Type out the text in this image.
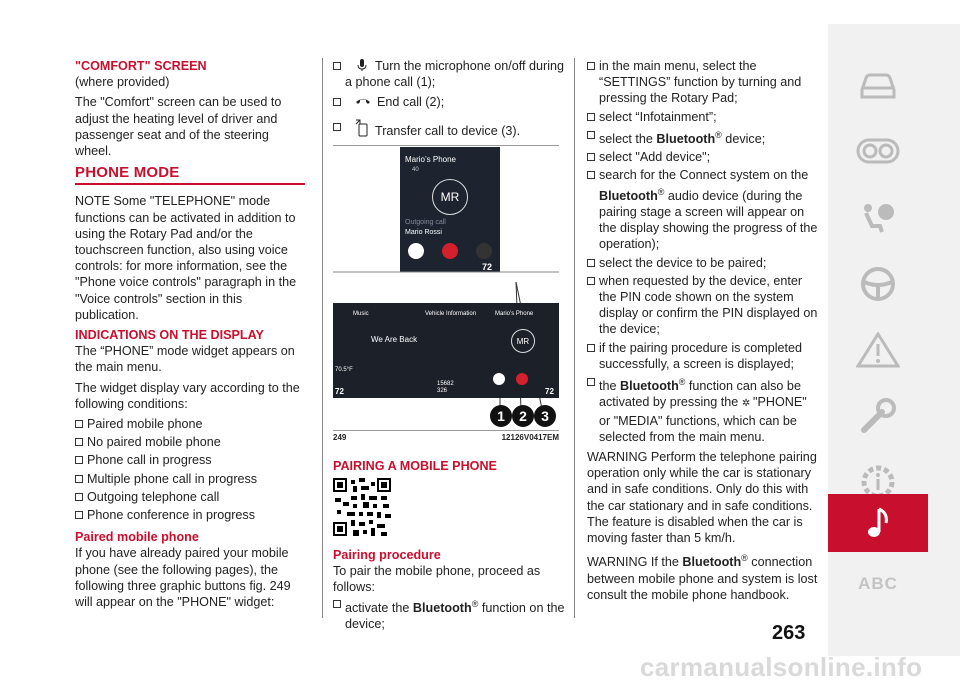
"COMFORT" SCREEN

(where provided)

The "Comfort" screen can be used to adjust the heating level of driver and passenger seat and of the steering wheel.

PHONE MODE

NOTE Some "TELEPHONE" mode functions can be activated in addition to using the Rotary Pad and/or the touchscreen function, also using voice controls: for more information, see the "Phone voice controls" paragraph in the "Voice controls" section in this publication.

INDICATIONS ON THE DISPLAY

The “PHONE” mode widget appears on the main menu.

The widget display vary according to the following conditions:

Paired mobile phone
No paired mobile phone
Phone call in progress
Multiple phone call in progress
Outgoing telephone call
Phone conference in progress
Paired mobile phone

If you have already paired your mobile phone (see the following pages), the following three graphic buttons fig. 249 will appear on the "PHONE" widget:

Turn the microphone on/off during a phone call (1);
End call (2);
Transfer call to device (3).
Mario’s Phone
40
MR
Outgoing call
Mario Rossi
72
Music	Vehicle Information	Mario’s Phone
We Are Back
70.5°F
72
15682
326
MR
72
1 2 3
249	12126V0417EM
PAIRING A MOBILE PHONE
Pairing procedure

To pair the mobile phone, proceed as follows:

activate the Bluetooth® function on the device;
in the main menu, select the “SETTINGS” function by turning and pressing the Rotary Pad;
select “Infotainment”;
select the Bluetooth® device;
select "Add device";
search for the Connect system on the Bluetooth® audio device (during the pairing stage a screen will appear on the display showing the progress of the operation);
select the device to be paired;
when requested by the device, enter the PIN code shown on the system display or confirm the PIN displayed on the device;
if the pairing procedure is completed successfully, a screen is displayed;
the Bluetooth® function can also be activated by pressing the ✲ "PHONE" or "MEDIA" functions, which can be selected from the main menu.

WARNING Perform the telephone pairing operation only while the car is stationary and in safe conditions. Only do this with the car stationary and in safe conditions. The feature is disabled when the car is moving faster than 5 km/h.

WARNING If the Bluetooth® connection between mobile phone and system is lost consult the mobile phone handbook.

263
ABC
carmanualsonline.info
